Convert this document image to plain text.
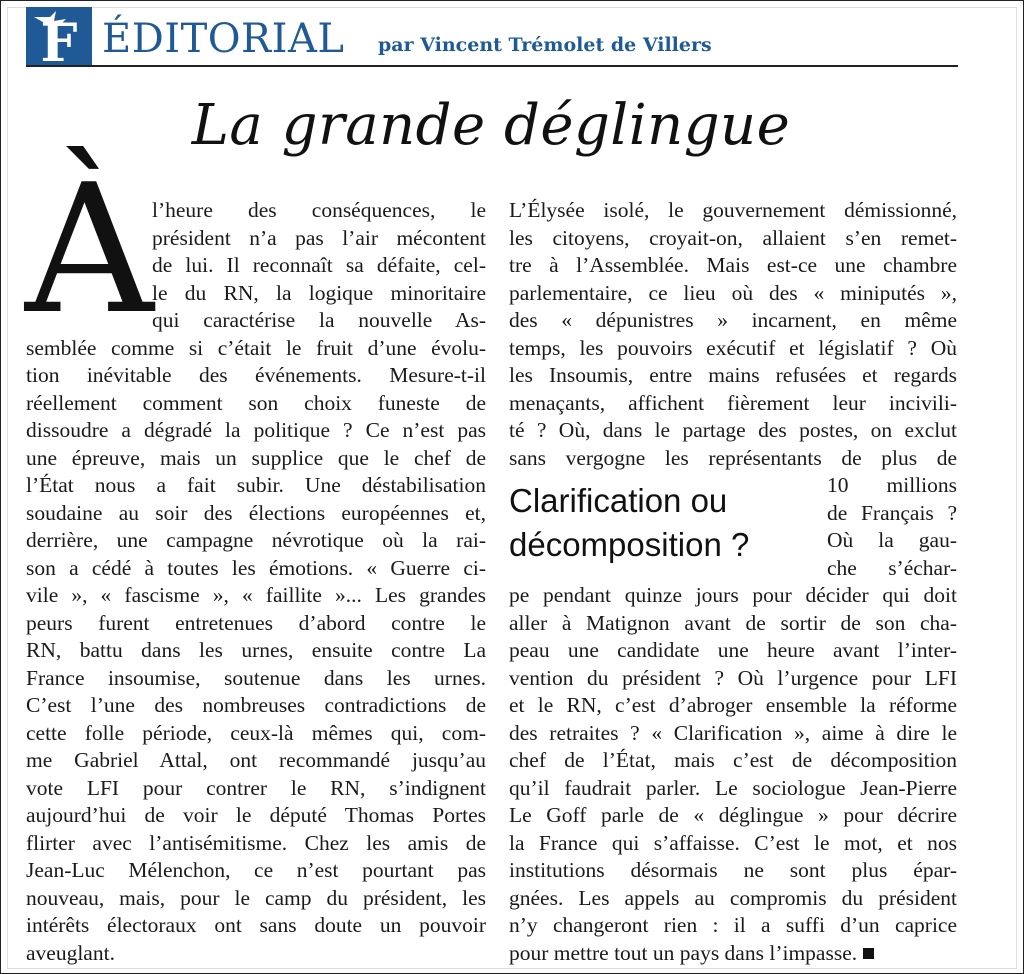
F ÉDITORIAL par Vincent Trémolet de Villers
La grande déglingue
À
l’heure des conséquences, le
président n’a pas l’air mécontent
de lui. Il reconnaît sa défaite, cel-
le du RN, la logique minoritaire
qui caractérise la nouvelle As-
semblée comme si c’était le fruit d’une évolu-
tion inévitable des événements. Mesure-t-il
réellement comment son choix funeste de
dissoudre a dégradé la politique ? Ce n’est pas
une épreuve, mais un supplice que le chef de
l’État nous a fait subir. Une déstabilisation
soudaine au soir des élections européennes et,
derrière, une campagne névrotique où la rai-
son a cédé à toutes les émotions. « Guerre ci-
vile », « fascisme », « faillite »... Les grandes
peurs furent entretenues d’abord contre le
RN, battu dans les urnes, ensuite contre La
France insoumise, soutenue dans les urnes.
C’est l’une des nombreuses contradictions de
cette folle période, ceux-là mêmes qui, com-
me Gabriel Attal, ont recommandé jusqu’au
vote LFI pour contrer le RN, s’indignent
aujourd’hui de voir le député Thomas Portes
flirter avec l’antisémitisme. Chez les amis de
Jean-Luc Mélenchon, ce n’est pourtant pas
nouveau, mais, pour le camp du président, les
intérêts électoraux ont sans doute un pouvoir
aveuglant.
L’Élysée isolé, le gouvernement démissionné,
les citoyens, croyait-on, allaient s’en remet-
tre à l’Assemblée. Mais est-ce une chambre
parlementaire, ce lieu où des « miniputés »,
des « dépunistres » incarnent, en même
temps, les pouvoirs exécutif et législatif ? Où
les Insoumis, entre mains refusées et regards
menaçants, affichent fièrement leur incivili-
té ? Où, dans le partage des postes, on exclut
sans vergogne les représentants de plus de
10 millions
de Français ?
Où la gau-
che s’échar-
pe pendant quinze jours pour décider qui doit
aller à Matignon avant de sortir de son cha-
peau une candidate une heure avant l’inter-
vention du président ? Où l’urgence pour LFI
et le RN, c’est d’abroger ensemble la réforme
des retraites ? « Clarification », aime à dire le
chef de l’État, mais c’est de décomposition
qu’il faudrait parler. Le sociologue Jean-Pierre
Le Goff parle de « déglingue » pour décrire
la France qui s’affaisse. C’est le mot, et nos
institutions désormais ne sont plus épar-
gnées. Les appels au compromis du président
n’y changeront rien : il a suffi d’un caprice
pour mettre tout un pays dans l’impasse.
Clarification ou
décomposition ?
